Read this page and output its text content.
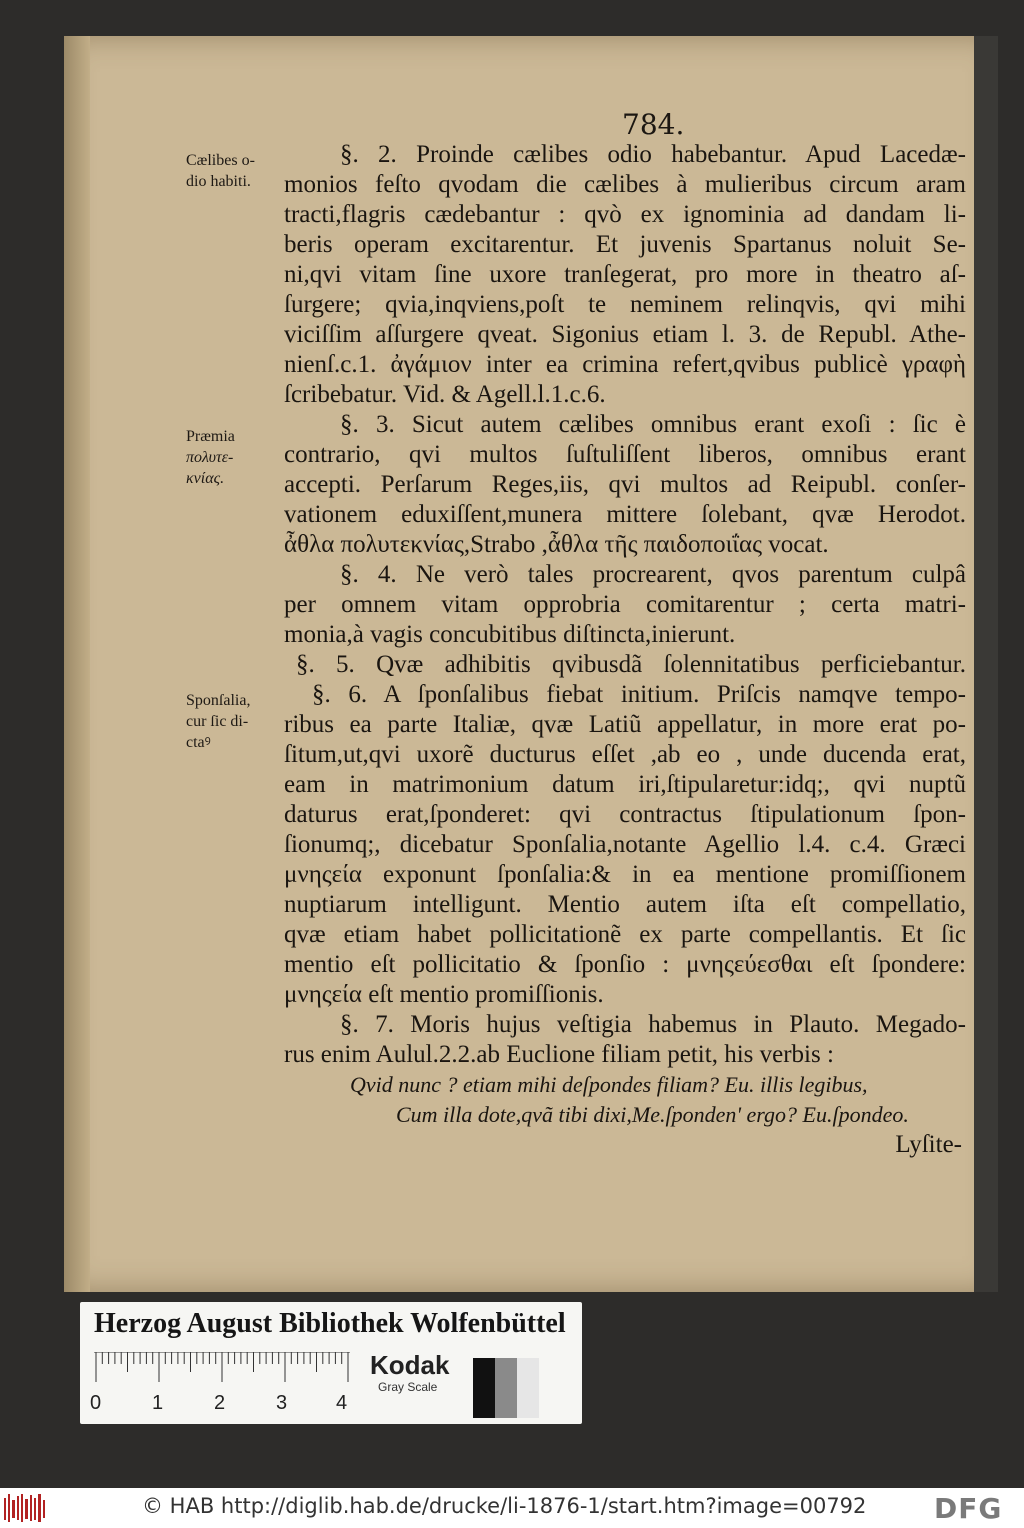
784.
Cælibes o-
dio habiti.
Præmia
πολυτε-
κνίας.
Sponſalia,
cur ſic di-
ctaꝰ
§. 2. Proinde cælibes odio habebantur. Apud Lacedæ-
monios feſto qvodam die cælibes à mulieribus circum aram
tracti,flagris cædebantur : qvò ex ignominia ad dandam li-
beris operam excitarentur. Et juvenis Spartanus noluit Se-
ni,qvi vitam ſine uxore tranſegerat, pro more in theatro aſ-
ſurgere; qvia,inqviens,poſt te neminem relinqvis, qvi mihi
viciſſim aſſurgere qveat. Sigonius etiam l. 3. de Republ. Athe-
nienſ.c.1. ἀγάμιον inter ea crimina refert,qvibus publicè γραφὴ
ſcribebatur. Vid. & Agell.l.1.c.6.
§. 3. Sicut autem cælibes omnibus erant exoſi : ſic è
contrario, qvi multos ſuſtuliſſent liberos, omnibus erant
accepti. Perſarum Reges,iis, qvi multos ad Reipubl. conſer-
vationem eduxiſſent,munera mittere ſolebant, qvæ Herodot.
ἆθλα πολυτεκνίας,Strabo ,ἆθλα τῆς παιδοποιΐας vocat.
§. 4. Ne verò tales procrearent, qvos parentum culpâ
per omnem vitam opprobria comitarentur ; certa matri-
monia,à vagis concubitibus diſtincta,inierunt.
§. 5. Qvæ adhibitis qvibusdã ſolennitatibus perficiebantur.
§. 6. A ſponſalibus fiebat initium. Priſcis namqve tempo-
ribus ea parte Italiæ, qvæ Latiũ appellatur, in more erat po-
ſitum,ut,qvi uxorẽ ducturus eſſet ,ab eo , unde ducenda erat,
eam in matrimonium datum iri,ſtipularetur:idq;, qvi nuptũ
daturus erat,ſponderet: qvi contractus ſtipulationum ſpon-
ſionumq;, dicebatur Sponſalia,notante Agellio l.4. c.4. Græci
μνηςεία exponunt ſponſalia:& in ea mentione promiſſionem
nuptiarum intelligunt. Mentio autem iſta eſt compellatio,
qvæ etiam habet pollicitationẽ ex parte compellantis. Et ſic
mentio eſt pollicitatio & ſponſio : μνηςεύεσθαι eſt ſpondere:
μνηςεία eſt mentio promiſſionis.
§. 7. Moris hujus veſtigia habemus in Plauto. Megado-
rus enim Aulul.2.2.ab Euclione filiam petit, his verbis :
Qvid nunc ? etiam mihi deſpondes filiam? Eu. illis legibus,
Cum illa dote,qvã tibi dixi,Me.ſponden' ergo? Eu.ſpondeo.
Lyſite-
Herzog August Bibliothek Wolfenbüttel
0	1	2	3 4
Kodak
Gray Scale
© HAB http://diglib.hab.de/drucke/li-1876-1/start.htm?image=00792 DFG
